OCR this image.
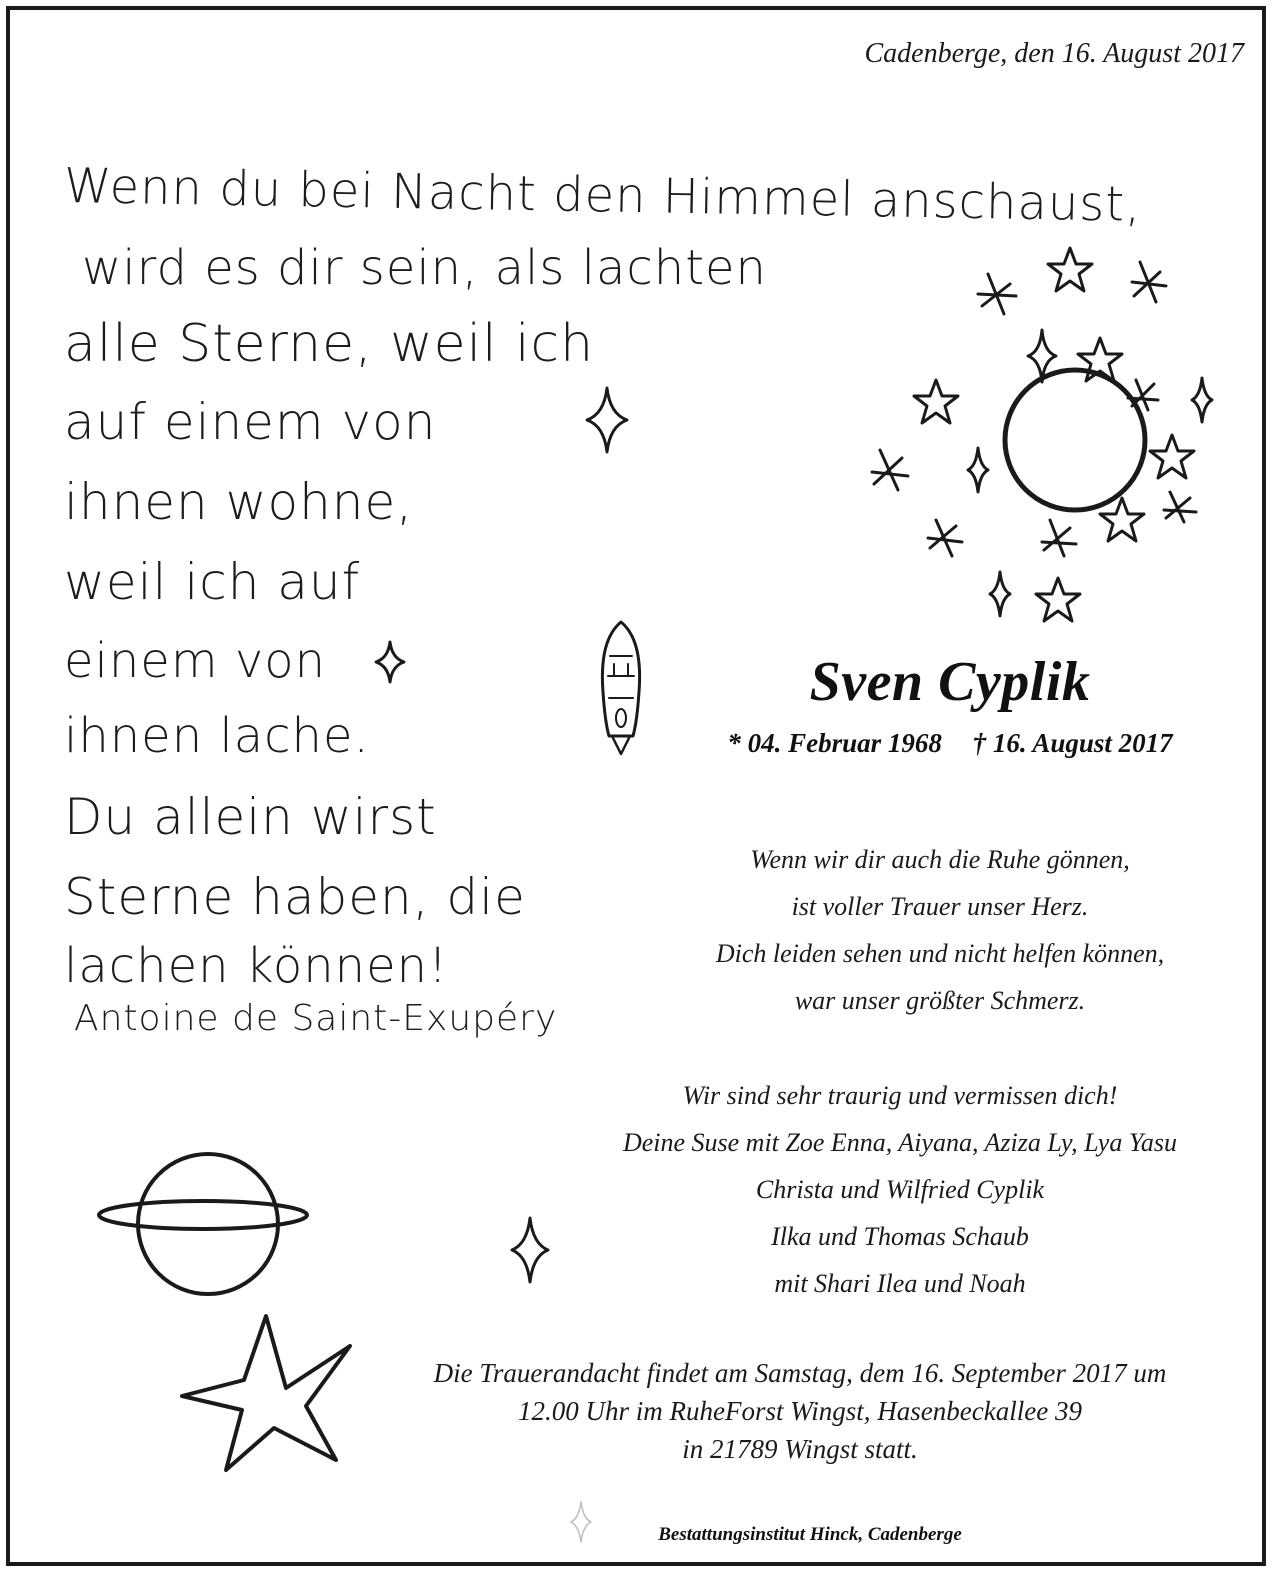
Cadenberge, den 16. August 2017
Wenn du bei Nacht den Himmel anschaust,
wird es dir sein, als lachten
alle Sterne, weil ich
auf einem von
ihnen wohne,
weil ich auf
einem von
ihnen lache.
Du allein wirst
Sterne haben, die
lachen können!
Antoine de Saint-Exupéry
Sven Cyplik
* 04. Februar 1968 † 16. August 2017
Wenn wir dir auch die Ruhe gönnen,
ist voller Trauer unser Herz.
Dich leiden sehen und nicht helfen können,
war unser größter Schmerz.
Wir sind sehr traurig und vermissen dich!
Deine Suse mit Zoe Enna, Aiyana, Aziza Ly, Lya Yasu
Christa und Wilfried Cyplik
Ilka und Thomas Schaub
mit Shari Ilea und Noah
Die Trauerandacht findet am Samstag, dem 16. September 2017 um
12.00 Uhr im RuheForst Wingst, Hasenbeckallee 39
in 21789 Wingst statt.
Bestattungsinstitut Hinck, Cadenberge
